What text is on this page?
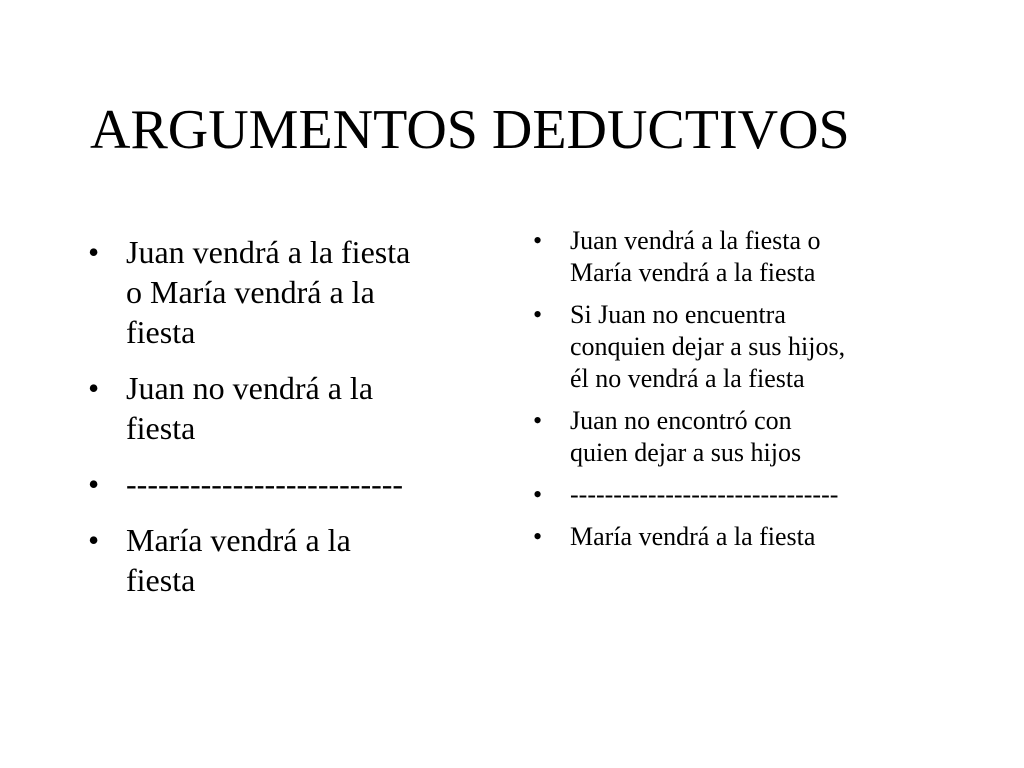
ARGUMENTOS DEDUCTIVOS
• Juan vendrá a la fiesta
o María vendrá a la
fiesta
• Juan no vendrá a la
fiesta
• --------------------------
• María vendrá a la
fiesta
• Juan vendrá a la fiesta o
María vendrá a la fiesta
• Si Juan no encuentra
conquien dejar a sus hijos,
él no vendrá a la fiesta
• Juan no encontró con
quien dejar a sus hijos
• -------------------------------
• María vendrá a la fiesta
